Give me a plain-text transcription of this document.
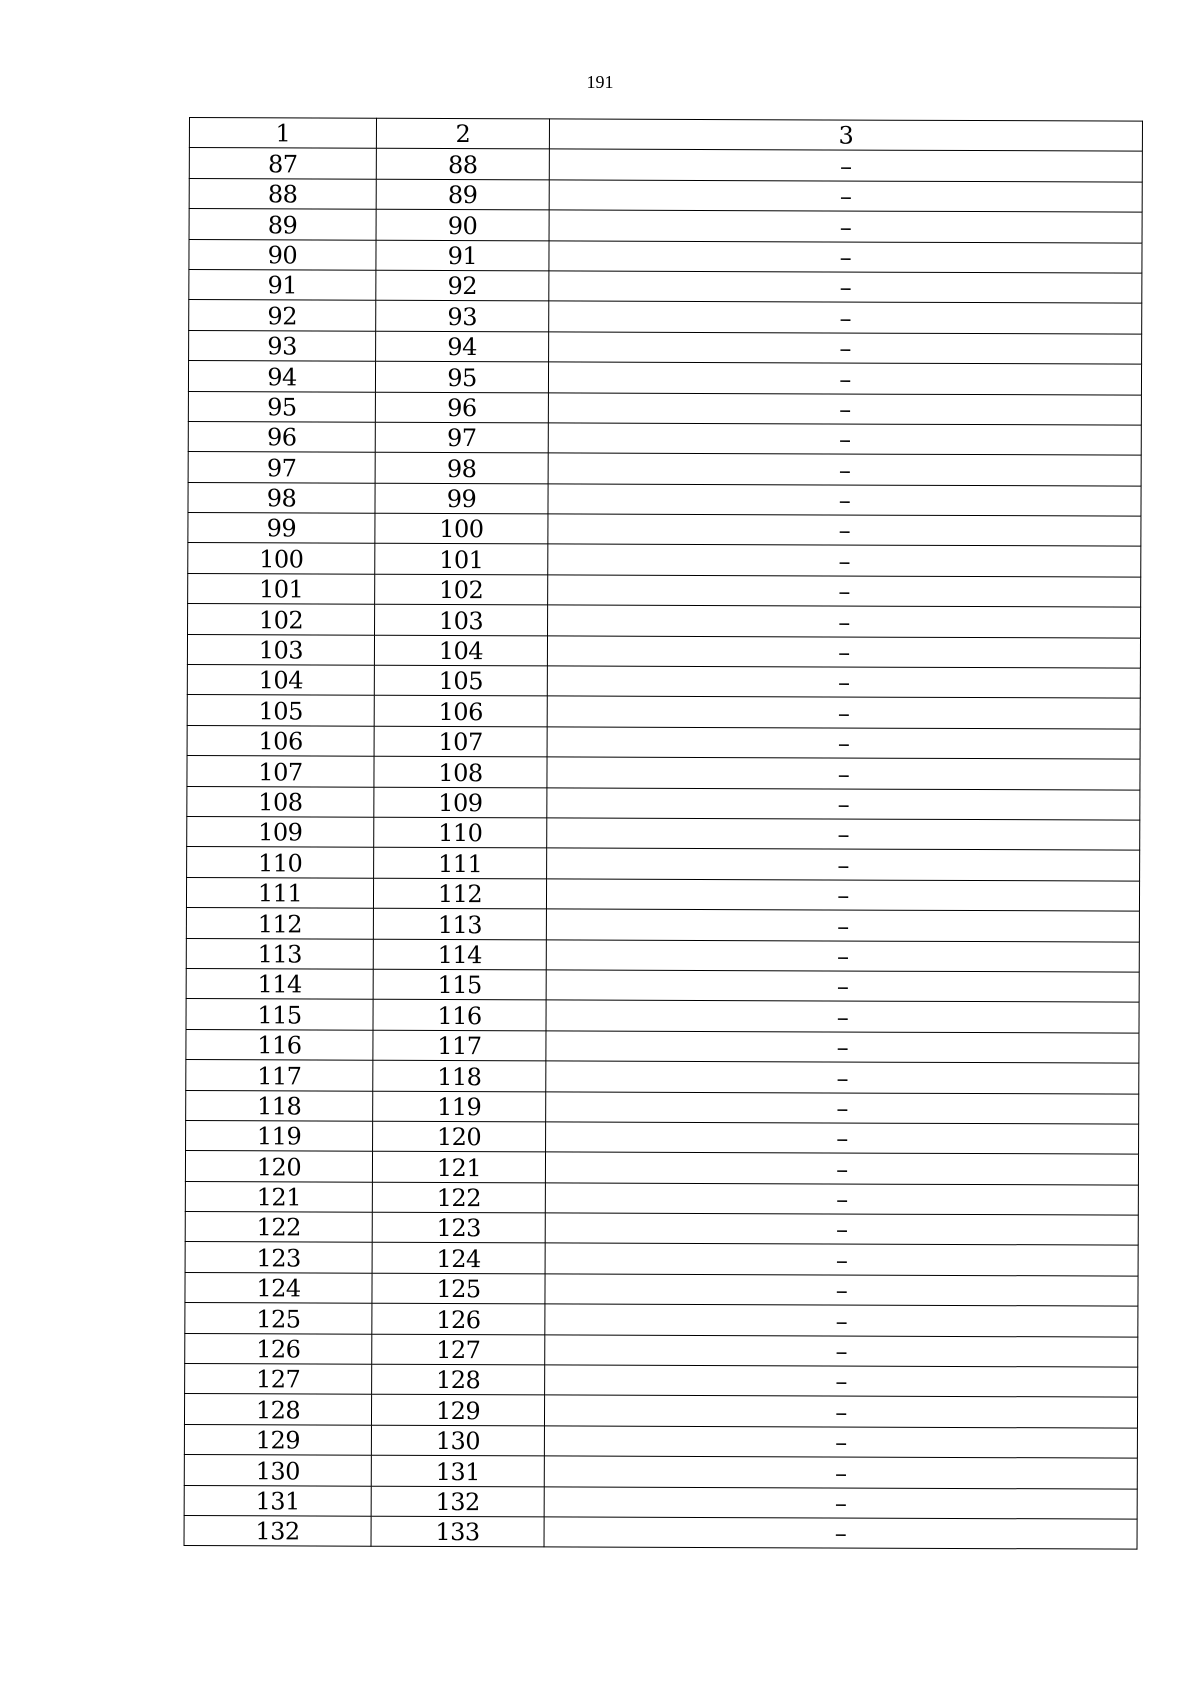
191
1	2	3
87	88	–
88	89	–
89	90	–
90	91	–
91	92	–
92	93	–
93	94	–
94	95	–
95	96	–
96	97	–
97	98	–
98	99	–
99	100	–
100	101	–
101	102	–
102	103	–
103	104	–
104	105	–
105	106	–
106	107	–
107	108	–
108	109	–
109	110	–
110	111	–
111	112	–
112	113	–
113	114	–
114	115	–
115	116	–
116	117	–
117	118	–
118	119	–
119	120	–
120	121	–
121	122	–
122	123	–
123	124	–
124	125	–
125	126	–
126	127	–
127	128	–
128	129	–
129	130	–
130	131	–
131	132	–
132	133	–
